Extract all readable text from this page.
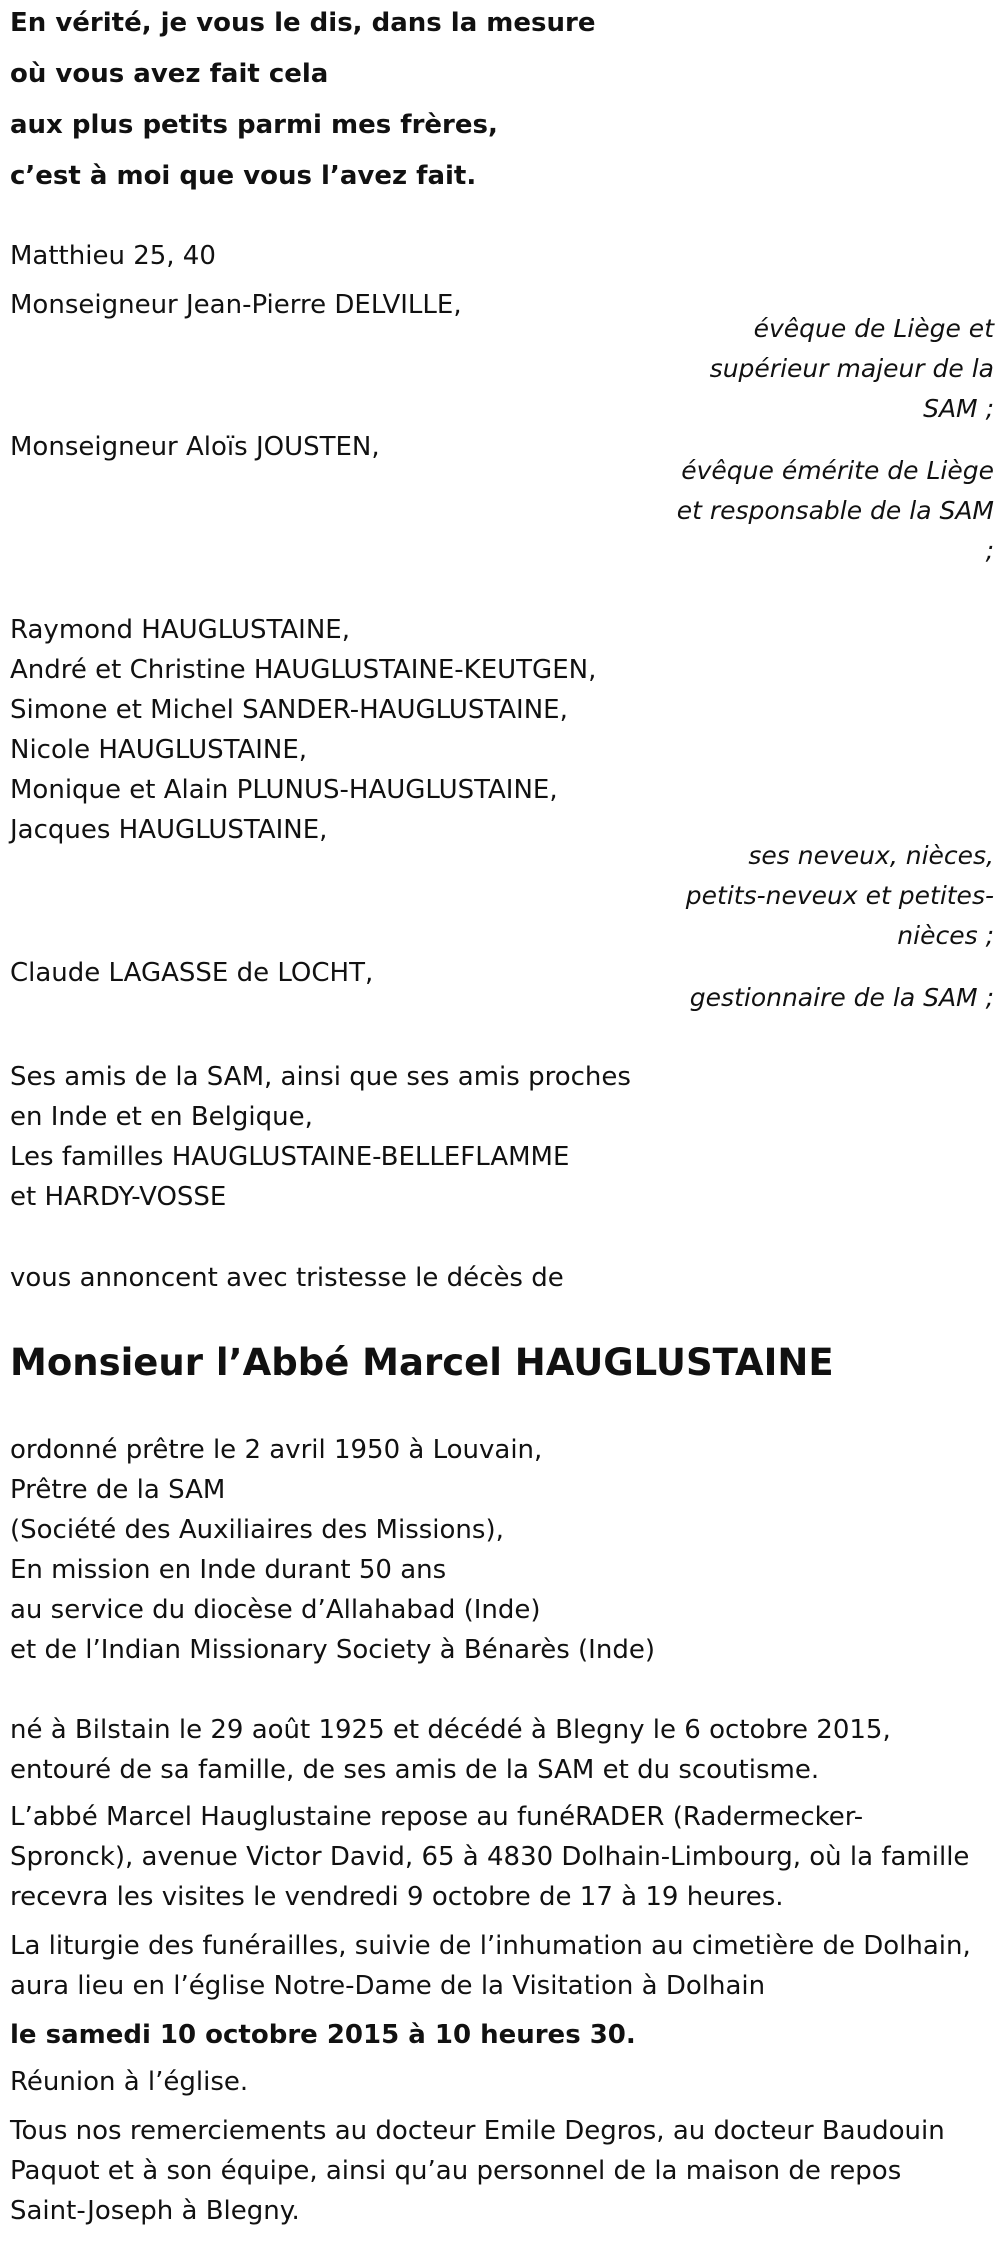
En vérité, je vous le dis, dans la mesure
où vous avez fait cela
aux plus petits parmi mes frères,
c’est à moi que vous l’avez fait.
Matthieu 25, 40
Monseigneur Jean-Pierre DELVILLE,
évêque de Liège et supérieur majeur de la SAM ;
Monseigneur Aloïs JOUSTEN,
évêque émérite de Liège et responsable de la SAM ;
Raymond HAUGLUSTAINE,
André et Christine HAUGLUSTAINE-KEUTGEN,
Simone et Michel SANDER-HAUGLUSTAINE,
Nicole HAUGLUSTAINE,
Monique et Alain PLUNUS-HAUGLUSTAINE,
Jacques HAUGLUSTAINE,
ses neveux, nièces, petits-neveux et petites-nièces ;
Claude LAGASSE de LOCHT,
gestionnaire de la SAM ;
Ses amis de la SAM, ainsi que ses amis proches
en Inde et en Belgique,
Les familles HAUGLUSTAINE-BELLEFLAMME
et HARDY-VOSSE
vous annoncent avec tristesse le décès de
Monsieur l’Abbé Marcel HAUGLUSTAINE
ordonné prêtre le 2 avril 1950 à Louvain,
Prêtre de la SAM
(Société des Auxiliaires des Missions),
En mission en Inde durant 50 ans
au service du diocèse d’Allahabad (Inde)
et de l’Indian Missionary Society à Bénarès (Inde)
né à Bilstain le 29 août 1925 et décédé à Blegny le 6 octobre 2015,
entouré de sa famille, de ses amis de la SAM et du scoutisme.
L’abbé Marcel Hauglustaine repose au funéRADER (Radermecker-
Spronck), avenue Victor David, 65 à 4830 Dolhain-Limbourg, où la famille
recevra les visites le vendredi 9 octobre de 17 à 19 heures.
La liturgie des funérailles, suivie de l’inhumation au cimetière de Dolhain,
aura lieu en l’église Notre-Dame de la Visitation à Dolhain
le samedi 10 octobre 2015 à 10 heures 30.
Réunion à l’église.
Tous nos remerciements au docteur Emile Degros, au docteur Baudouin
Paquot et à son équipe, ainsi qu’au personnel de la maison de repos
Saint-Joseph à Blegny.
